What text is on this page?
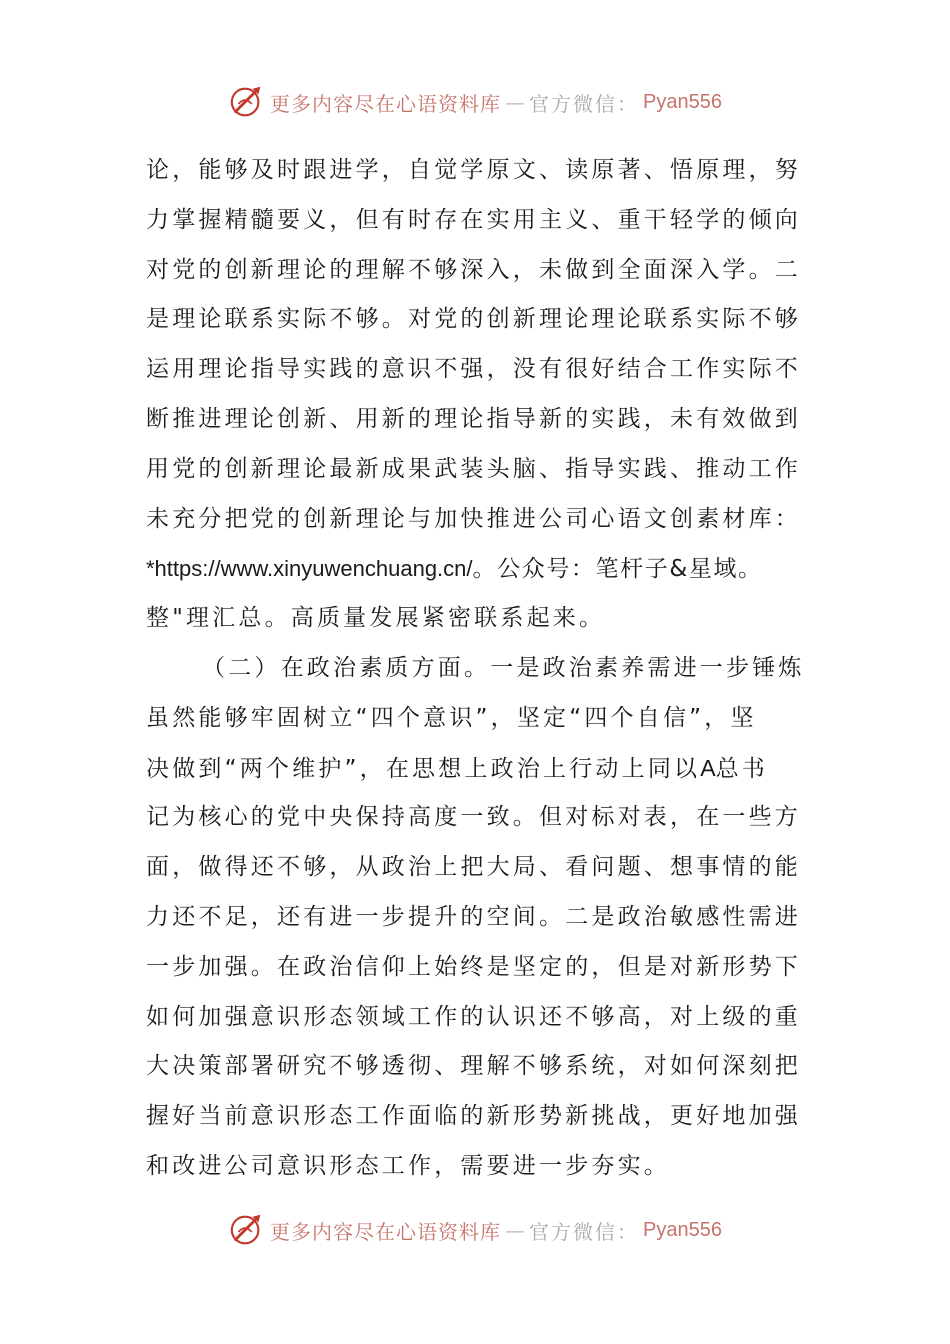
更多内容尽在心语资料库 — 官方微信： Pyan556
论，能够及时跟进学，自觉学原文、读原著、悟原理，努
力掌握精髓要义，但有时存在实用主义、重干轻学的倾向
对党的创新理论的理解不够深入，未做到全面深入学。二
是理论联系实际不够。对党的创新理论理论联系实际不够
运用理论指导实践的意识不强，没有很好结合工作实际不
断推进理论创新、用新的理论指导新的实践，未有效做到
用党的创新理论最新成果武装头脑、指导实践、推动工作
未充分把党的创新理论与加快推进公司心语文创素材库：
*https://www.xinyuwenchuang.cn/。公众号：笔杆子&星域。
整"理汇总。高质量发展紧密联系起来。
（二）在政治素质方面。一是政治素养需进一步锤炼
虽然能够牢固树立“四个意识”，坚定“四个自信”，坚
决做到“两个维护”，在思想上政治上行动上同以A总书
记为核心的党中央保持高度一致。但对标对表，在一些方
面，做得还不够，从政治上把大局、看问题、想事情的能
力还不足，还有进一步提升的空间。二是政治敏感性需进
一步加强。在政治信仰上始终是坚定的，但是对新形势下
如何加强意识形态领域工作的认识还不够高，对上级的重
大决策部署研究不够透彻、理解不够系统，对如何深刻把
握好当前意识形态工作面临的新形势新挑战，更好地加强
和改进公司意识形态工作，需要进一步夯实。
更多内容尽在心语资料库 — 官方微信： Pyan556
